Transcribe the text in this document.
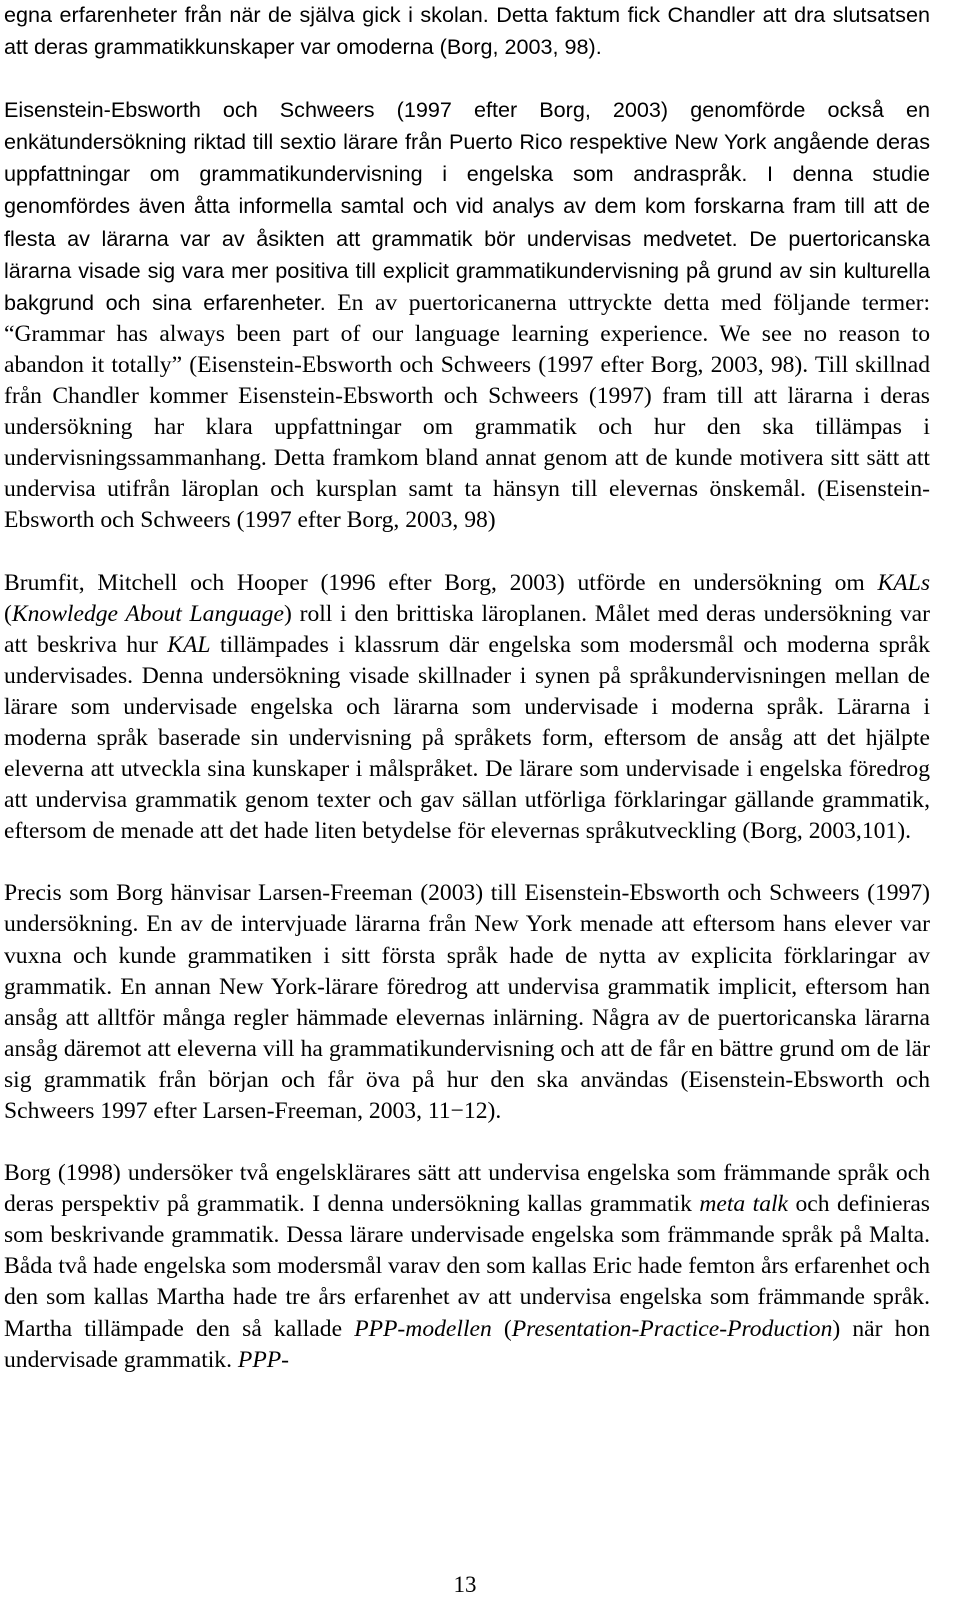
egna erfarenheter från när de själva gick i skolan. Detta faktum fick Chandler att dra slutsatsen att deras grammatikkunskaper var omoderna (Borg, 2003, 98).

Eisenstein-Ebsworth och Schweers (1997 efter Borg, 2003) genomförde också en enkätundersökning riktad till sextio lärare från Puerto Rico respektive New York angående deras uppfattningar om grammatikundervisning i engelska som andraspråk. I denna studie genomfördes även åtta informella samtal och vid analys av dem kom forskarna fram till att de flesta av lärarna var av åsikten att grammatik bör undervisas medvetet. De puertoricanska lärarna visade sig vara mer positiva till explicit grammatikundervisning på grund av sin kulturella bakgrund och sina erfarenheter. En av puertoricanerna uttryckte detta med följande termer: “Grammar has always been part of our language learning experience. We see no reason to abandon it totally” (Eisenstein-Ebsworth och Schweers (1997 efter Borg, 2003, 98). Till skillnad från Chandler kommer Eisenstein-Ebsworth och Schweers (1997) fram till att lärarna i deras undersökning har klara uppfattningar om grammatik och hur den ska tillämpas i undervisningssammanhang. Detta framkom bland annat genom att de kunde motivera sitt sätt att undervisa utifrån läroplan och kursplan samt ta hänsyn till elevernas önskemål. (Eisenstein-Ebsworth och Schweers (1997 efter Borg, 2003, 98)

Brumfit, Mitchell och Hooper (1996 efter Borg, 2003) utförde en undersökning om KALs (Knowledge About Language) roll i den brittiska läroplanen. Målet med deras undersökning var att beskriva hur KAL tillämpades i klassrum där engelska som modersmål och moderna språk undervisades. Denna undersökning visade skillnader i synen på språkundervisningen mellan de lärare som undervisade engelska och lärarna som undervisade i moderna språk. Lärarna i moderna språk baserade sin undervisning på språkets form, eftersom de ansåg att det hjälpte eleverna att utveckla sina kunskaper i målspråket. De lärare som undervisade i engelska föredrog att undervisa grammatik genom texter och gav sällan utförliga förklaringar gällande grammatik, eftersom de menade att det hade liten betydelse för elevernas språkutveckling (Borg, 2003,101).

Precis som Borg hänvisar Larsen-Freeman (2003) till Eisenstein-Ebsworth och Schweers (1997) undersökning. En av de intervjuade lärarna från New York menade att eftersom hans elever var vuxna och kunde grammatiken i sitt första språk hade de nytta av explicita förklaringar av grammatik. En annan New York-lärare föredrog att undervisa grammatik implicit, eftersom han ansåg att alltför många regler hämmade elevernas inlärning. Några av de puertoricanska lärarna ansåg däremot att eleverna vill ha grammatikundervisning och att de får en bättre grund om de lär sig grammatik från början och får öva på hur den ska användas (Eisenstein-Ebsworth och Schweers 1997 efter Larsen-Freeman, 2003, 11−12).

Borg (1998) undersöker två engelsklärares sätt att undervisa engelska som främmande språk och deras perspektiv på grammatik. I denna undersökning kallas grammatik meta talk och definieras som beskrivande grammatik. Dessa lärare undervisade engelska som främmande språk på Malta. Båda två hade engelska som modersmål varav den som kallas Eric hade femton års erfarenhet och den som kallas Martha hade tre års erfarenhet av att undervisa engelska som främmande språk. Martha tillämpade den så kallade PPP-modellen (Presentation-Practice-Production) när hon undervisade grammatik. PPP-

13
